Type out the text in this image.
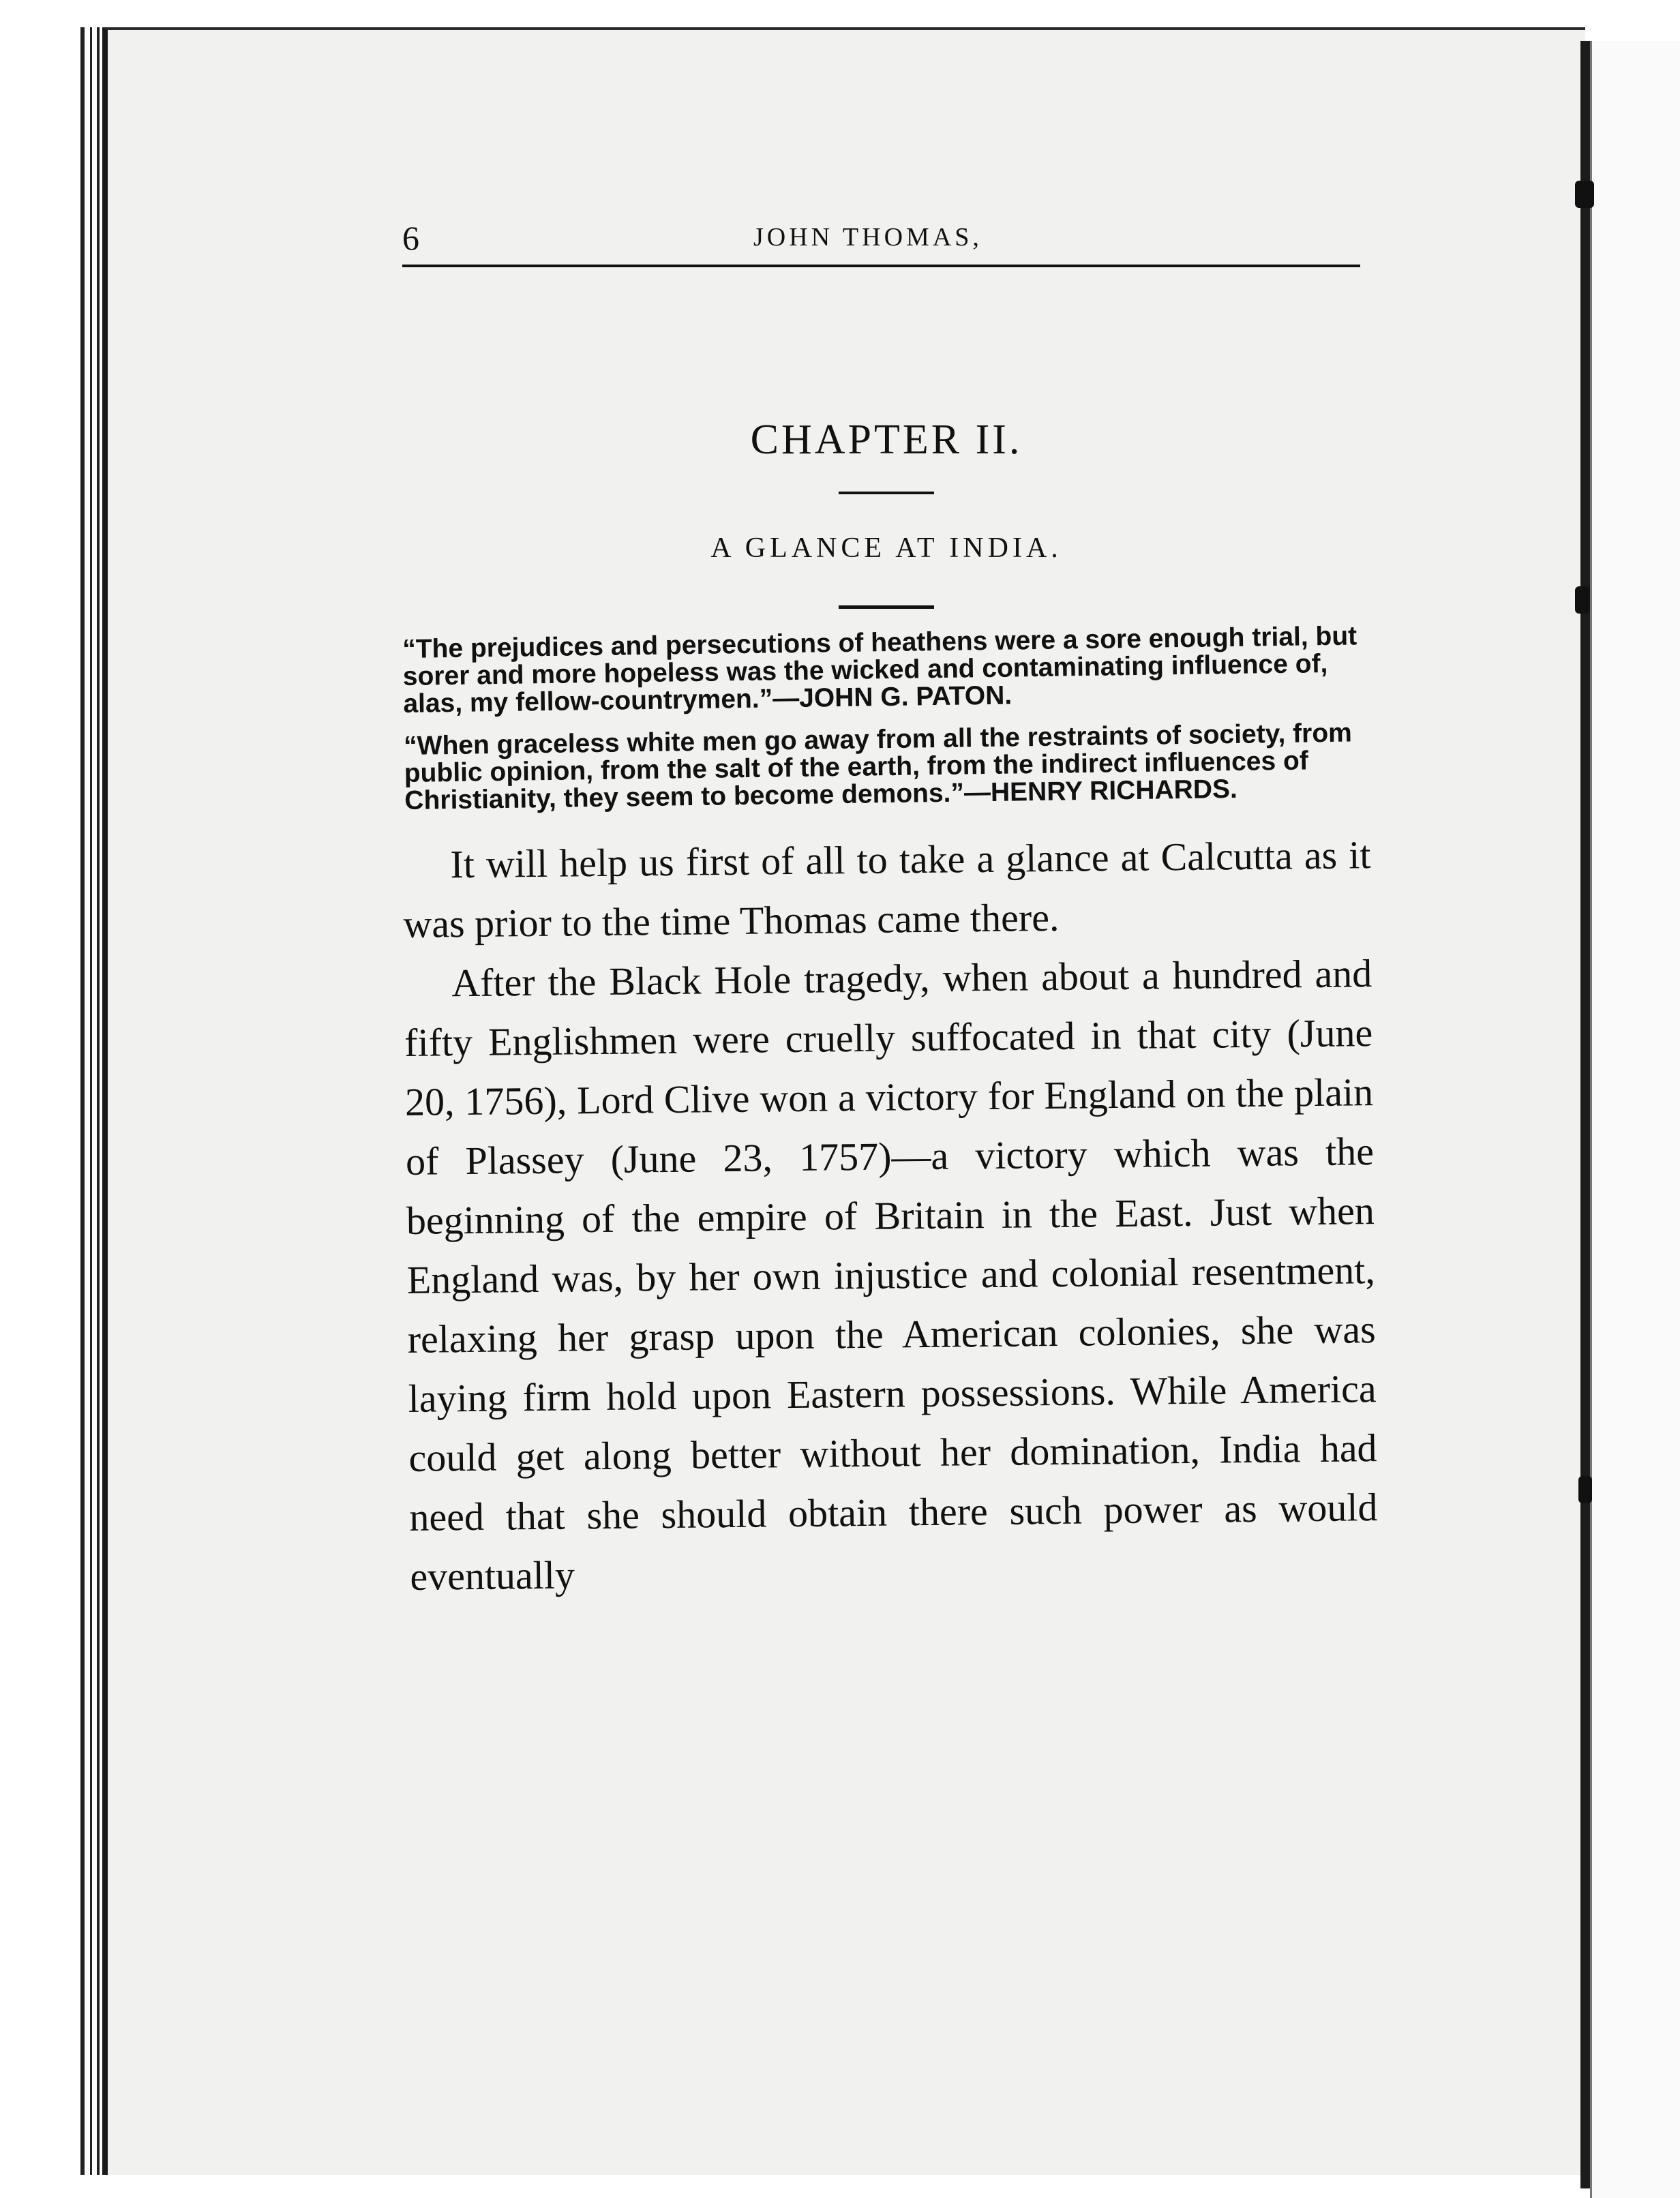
6	JOHN THOMAS,
CHAPTER II.
A GLANCE AT INDIA.

“The prejudices and persecutions of heathens were a sore enough trial, but sorer and more hopeless was the wicked and contaminating influence of, alas, my fellow-countrymen.”—JOHN G. PATON.

“When graceless white men go away from all the restraints of society, from public opinion, from the salt of the earth, from the indirect influences of Christianity, they seem to become demons.”—HENRY RICHARDS.

It will help us first of all to take a glance at Calcutta as it was prior to the time Thomas came there.

After the Black Hole tragedy, when about a hundred and fifty Englishmen were cruelly suffocated in that city (June 20, 1756), Lord Clive won a victory for England on the plain of Plassey (June 23, 1757)—a victory which was the beginning of the empire of Britain in the East. Just when England was, by her own injustice and colonial resentment, relaxing her grasp upon the American colonies, she was laying firm hold upon Eastern possessions. While America could get along better without her domination, India had need that she should obtain there such power as would eventually
